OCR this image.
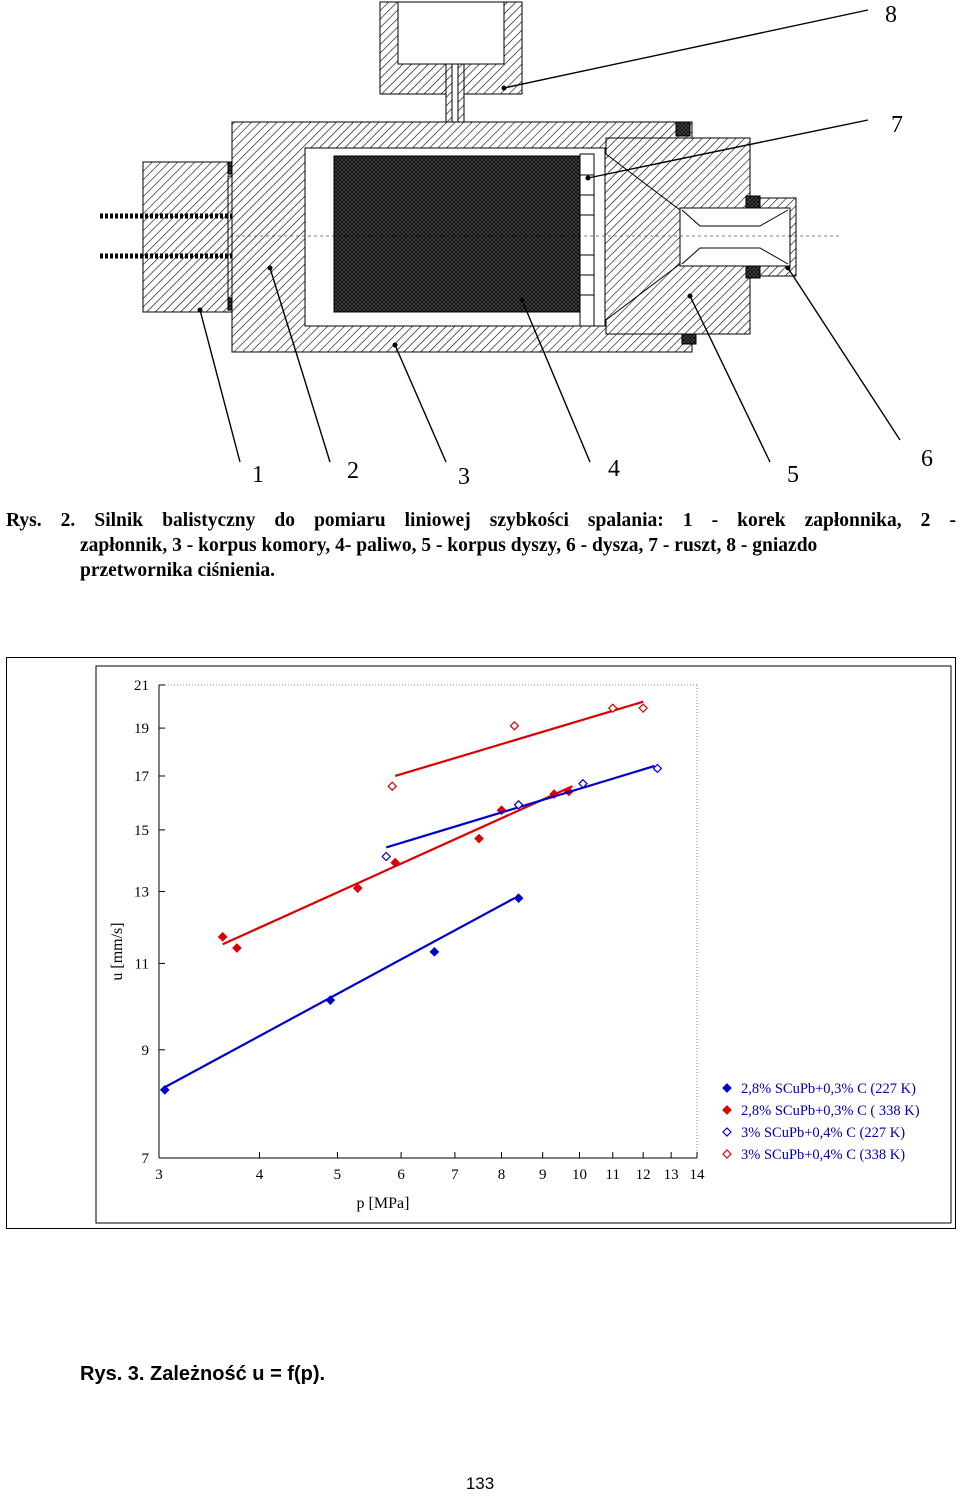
1	2	3	4	5
6
7
8
Rys. 2. Silnik balistyczny do pomiaru liniowej szybkości spalania: 1 - korek zapłonnika, 2 -
zapłonnik, 3 - korpus komory, 4- paliwo, 5 - korpus dyszy, 6 - dysza, 7 - ruszt, 8 - gniazdo
przetwornika ciśnienia.
3	4	5	6	7	8 9 10 11 12 13 14
21
19
17
15
13
11
9
7
p [MPa]
u [mm/s]
2,8% SCuPb+0,3% C (227 K)
2,8% SCuPb+0,3% C ( 338 K)
3% SCuPb+0,4% C (227 K)
3% SCuPb+0,4% C (338 K)
Rys. 3. Zależność u = f(p).
133
